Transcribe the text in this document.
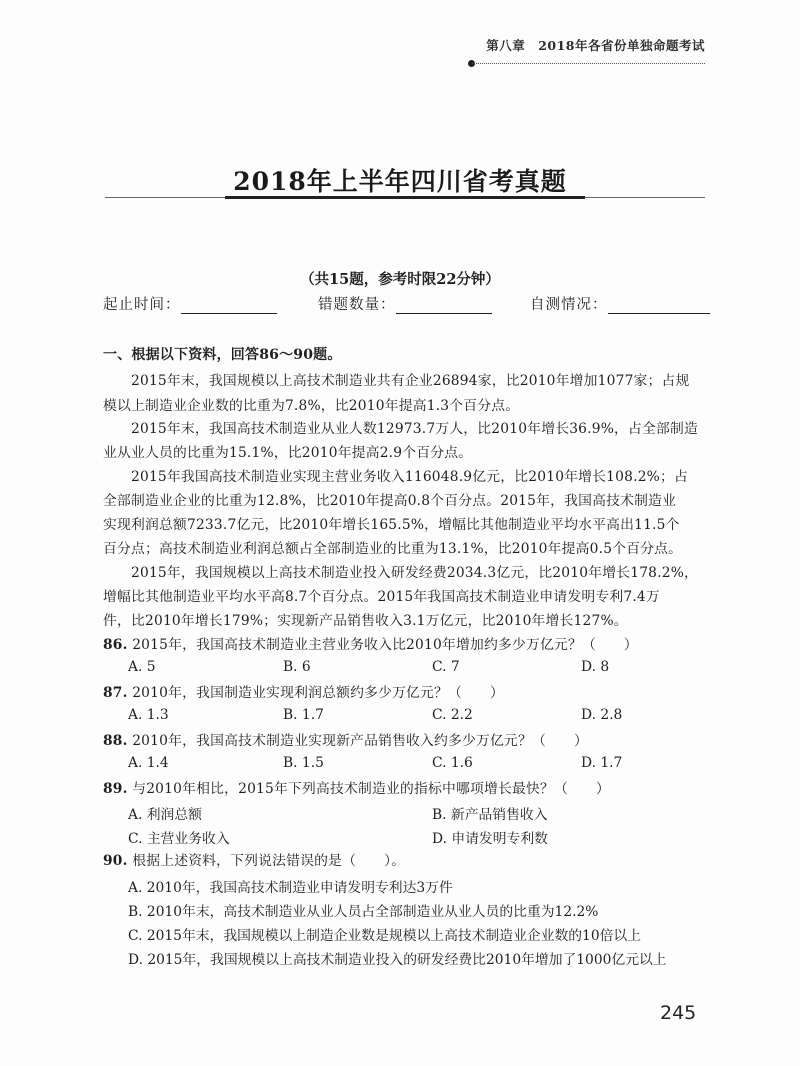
第八章　2018年各省份单独命题考试
2018年上半年四川省考真题
（共15题，参考时限22分钟）
起止时间：	错题数量：	自测情况：
一、根据以下资料，回答86～90题。
2015年末，我国规模以上高技术制造业共有企业26894家，比2010年增加1077家；占规
模以上制造业企业数的比重为7.8%，比2010年提高1.3个百分点。
2015年末，我国高技术制造业从业人数12973.7万人，比2010年增长36.9%，占全部制造
业从业人员的比重为15.1%，比2010年提高2.9个百分点。
2015年我国高技术制造业实现主营业务收入116048.9亿元，比2010年增长108.2%；占
全部制造业企业的比重为12.8%，比2010年提高0.8个百分点。2015年，我国高技术制造业
实现利润总额7233.7亿元，比2010年增长165.5%，增幅比其他制造业平均水平高出11.5个
百分点；高技术制造业利润总额占全部制造业的比重为13.1%，比2010年提高0.5个百分点。
2015年，我国规模以上高技术制造业投入研发经费2034.3亿元，比2010年增长178.2%，
增幅比其他制造业平均水平高8.7个百分点。2015年我国高技术制造业申请发明专利7.4万
件，比2010年增长179%；实现新产品销售收入3.1万亿元，比2010年增长127%。
86. 2015年，我国高技术制造业主营业务收入比2010年增加约多少万亿元？（　　）
A. 5	B. 6	C. 7	D. 8
87. 2010年，我国制造业实现利润总额约多少万亿元？（　　）
A. 1.3	B. 1.7	C. 2.2	D. 2.8
88. 2010年，我国高技术制造业实现新产品销售收入约多少万亿元？（　　）
A. 1.4	B. 1.5	C. 1.6	D. 1.7
89. 与2010年相比，2015年下列高技术制造业的指标中哪项增长最快？（　　）
A. 利润总额	B. 新产品销售收入
C. 主营业务收入	D. 申请发明专利数
90. 根据上述资料，下列说法错误的是（　　）。
A. 2010年，我国高技术制造业申请发明专利达3万件
B. 2010年末，高技术制造业从业人员占全部制造业从业人员的比重为12.2%
C. 2015年末，我国规模以上制造企业数是规模以上高技术制造业企业数的10倍以上
D. 2015年，我国规模以上高技术制造业投入的研发经费比2010年增加了1000亿元以上
245
